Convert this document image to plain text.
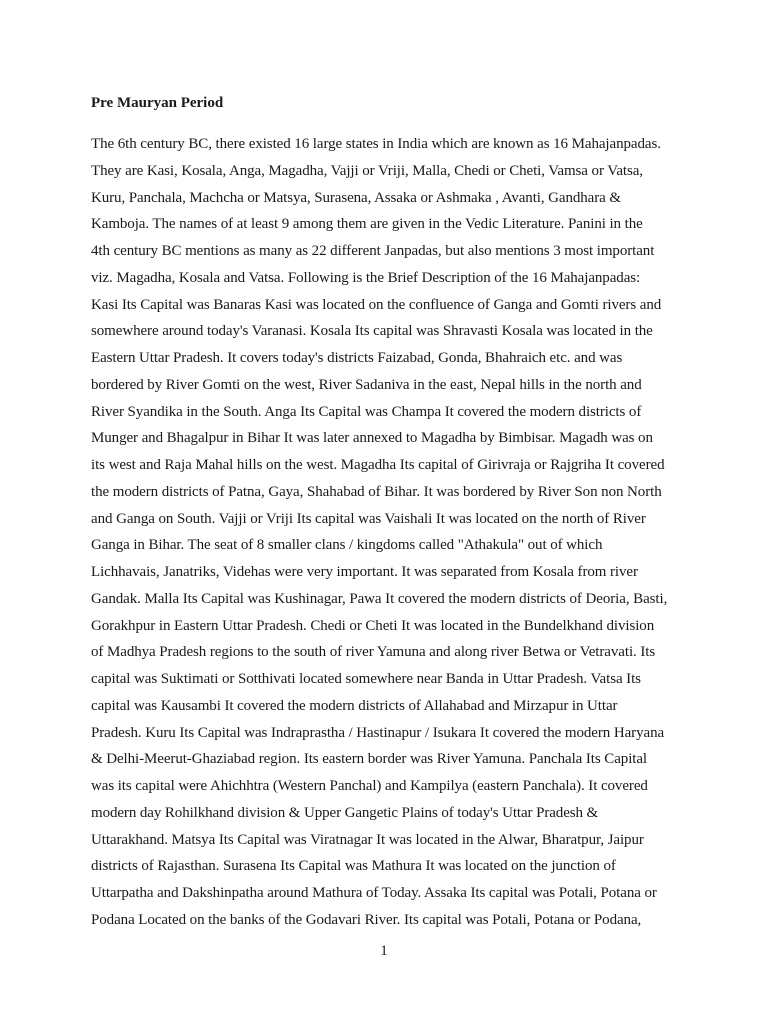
Pre Mauryan Period
The 6th century BC, there existed 16 large states in India which are known as 16 Mahajanpadas.
They are Kasi, Kosala, Anga, Magadha, Vajji or Vriji, Malla, Chedi or Cheti, Vamsa or Vatsa,
Kuru, Panchala, Machcha or Matsya, Surasena, Assaka or Ashmaka , Avanti, Gandhara &
Kamboja. The names of at least 9 among them are given in the Vedic Literature. Panini in the
4th century BC mentions as many as 22 different Janpadas, but also mentions 3 most important
viz. Magadha, Kosala and Vatsa. Following is the Brief Description of the 16 Mahajanpadas:
Kasi Its Capital was Banaras Kasi was located on the confluence of Ganga and Gomti rivers and
somewhere around today's Varanasi. Kosala Its capital was Shravasti Kosala was located in the
Eastern Uttar Pradesh. It covers today's districts Faizabad, Gonda, Bhahraich etc. and was
bordered by River Gomti on the west, River Sadaniva in the east, Nepal hills in the north and
River Syandika in the South. Anga Its Capital was Champa It covered the modern districts of
Munger and Bhagalpur in Bihar It was later annexed to Magadha by Bimbisar. Magadh was on
its west and Raja Mahal hills on the west. Magadha Its capital of Girivraja or Rajgriha It covered
the modern districts of Patna, Gaya, Shahabad of Bihar. It was bordered by River Son non North
and Ganga on South. Vajji or Vriji Its capital was Vaishali It was located on the north of River
Ganga in Bihar. The seat of 8 smaller clans / kingdoms called "Athakula" out of which
Lichhavais, Janatriks, Videhas were very important. It was separated from Kosala from river
Gandak. Malla Its Capital was Kushinagar, Pawa It covered the modern districts of Deoria, Basti,
Gorakhpur in Eastern Uttar Pradesh. Chedi or Cheti It was located in the Bundelkhand division
of Madhya Pradesh regions to the south of river Yamuna and along river Betwa or Vetravati. Its
capital was Suktimati or Sotthivati located somewhere near Banda in Uttar Pradesh. Vatsa Its
capital was Kausambi It covered the modern districts of Allahabad and Mirzapur in Uttar
Pradesh. Kuru Its Capital was Indraprastha / Hastinapur / Isukara It covered the modern Haryana
& Delhi-Meerut-Ghaziabad region. Its eastern border was River Yamuna. Panchala Its Capital
was its capital were Ahichhtra (Western Panchal) and Kampilya (eastern Panchala). It covered
modern day Rohilkhand division & Upper Gangetic Plains of today's Uttar Pradesh &
Uttarakhand. Matsya Its Capital was Viratnagar It was located in the Alwar, Bharatpur, Jaipur
districts of Rajasthan. Surasena Its Capital was Mathura It was located on the junction of
Uttarpatha and Dakshinpatha around Mathura of Today. Assaka Its capital was Potali, Potana or
Podana Located on the banks of the Godavari River. Its capital was Potali, Potana or Podana,
1
